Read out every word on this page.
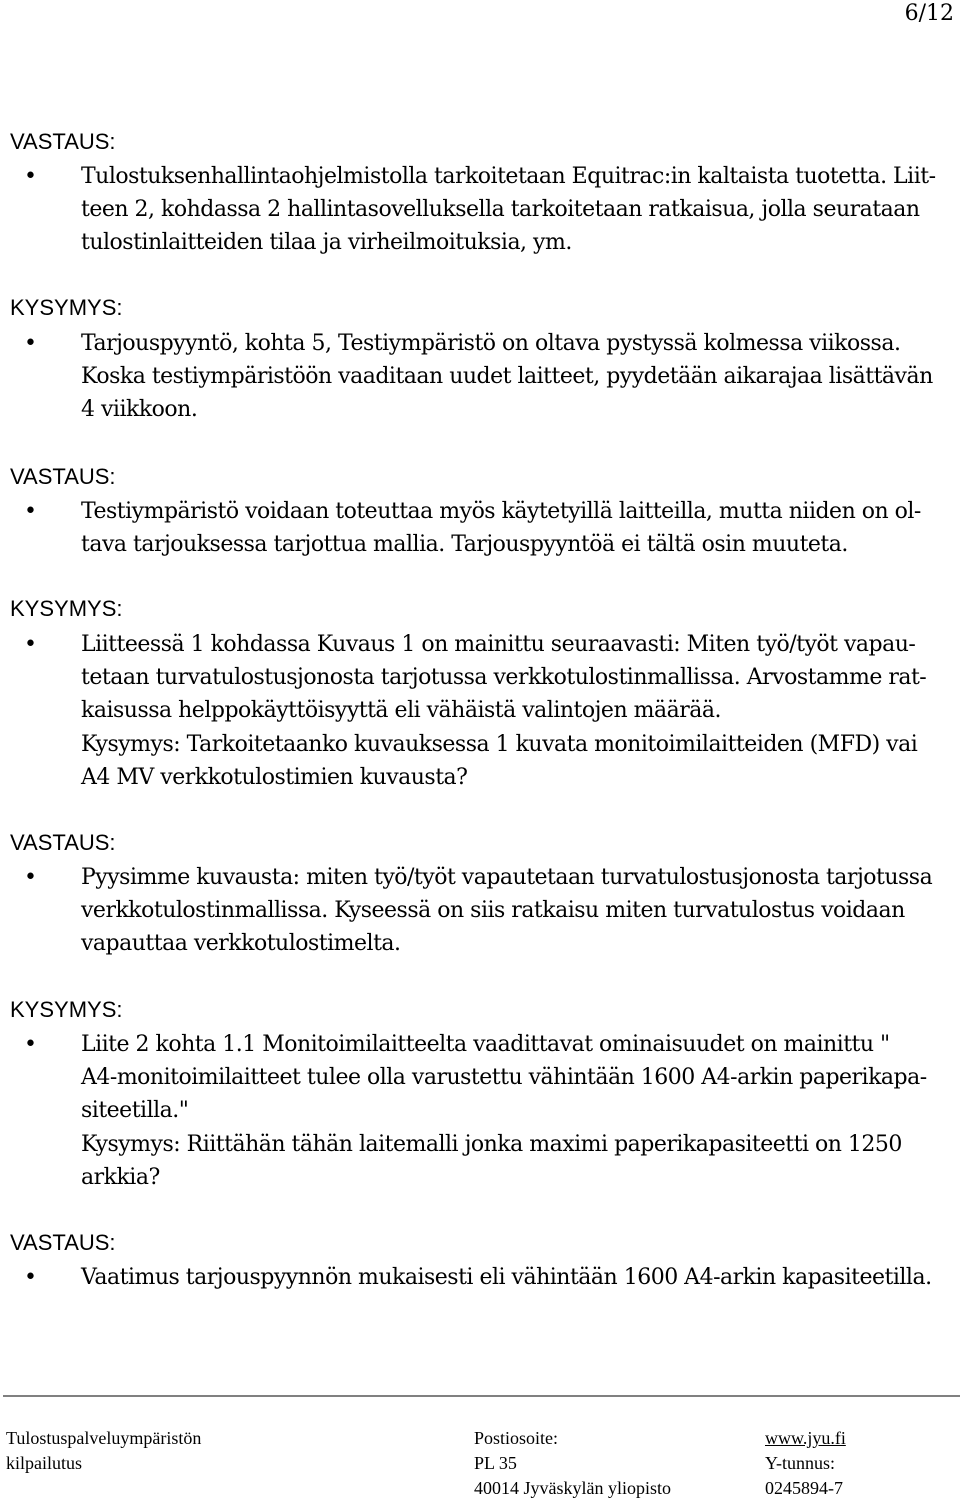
6/12
VASTAUS:
• Tulostuksenhallintaohjelmistolla tarkoitetaan Equitrac:in kaltaista tuotetta. Liit-
teen 2, kohdassa 2 hallintasovelluksella tarkoitetaan ratkaisua, jolla seurataan
tulostinlaitteiden tilaa ja virheilmoituksia, ym.
KYSYMYS:
• Tarjouspyyntö, kohta 5, Testiympäristö on oltava pystyssä kolmessa viikossa.
Koska testiympäristöön vaaditaan uudet laitteet, pyydetään aikarajaa lisättävän
4 viikkoon.
VASTAUS:
• Testiympäristö voidaan toteuttaa myös käytetyillä laitteilla, mutta niiden on ol-
tava tarjouksessa tarjottua mallia. Tarjouspyyntöä ei tältä osin muuteta.
KYSYMYS:
• Liitteessä 1 kohdassa Kuvaus 1 on mainittu seuraavasti: Miten työ/työt vapau-
tetaan turvatulostusjonosta tarjotussa verkkotulostinmallissa. Arvostamme rat-
kaisussa helppokäyttöisyyttä eli vähäistä valintojen määrää.
Kysymys: Tarkoitetaanko kuvauksessa 1 kuvata monitoimilaitteiden (MFD) vai
A4 MV verkkotulostimien kuvausta?
VASTAUS:
• Pyysimme kuvausta: miten työ/työt vapautetaan turvatulostusjonosta tarjotussa
verkkotulostinmallissa. Kyseessä on siis ratkaisu miten turvatulostus voidaan
vapauttaa verkkotulostimelta.
KYSYMYS:
• Liite 2 kohta 1.1 Monitoimilaitteelta vaadittavat ominaisuudet on mainittu "
A4-monitoimilaitteet tulee olla varustettu vähintään 1600 A4-arkin paperikapa-
siteetilla."
Kysymys: Riittähän tähän laitemalli jonka maximi paperikapasiteetti on 1250
arkkia?
VASTAUS:
• Vaatimus tarjouspyynnön mukaisesti eli vähintään 1600 A4-arkin kapasiteetilla.
Tulostuspalveluympäristön
kilpailutus
Postiosoite:
PL 35
40014 Jyväskylän yliopisto
www.jyu.fi
Y-tunnus:
0245894-7
